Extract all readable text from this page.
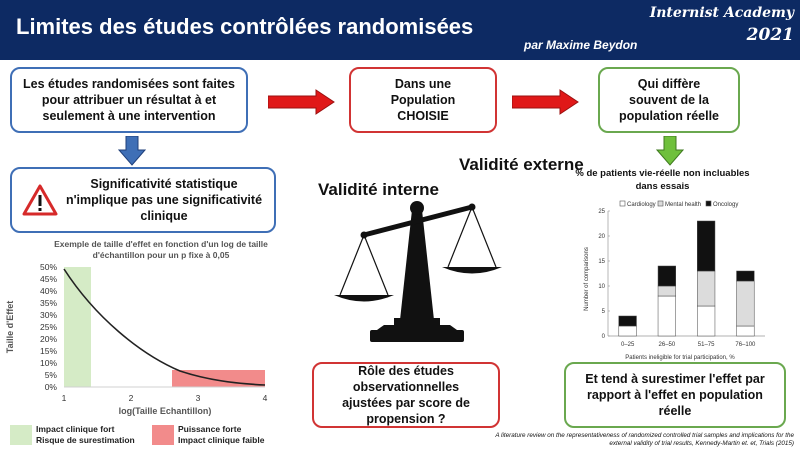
Limites des études contrôlées randomisées
par Maxime Beydon
Internist Academy
2021
Les études randomisées sont faites pour attribuer un résultat à et seulement à une intervention
Dans une Population CHOISIE
Qui diffère souvent de la population réelle
Significativité statistique n'implique pas une significativité clinique
Exemple de taille d'effet en fonction d'un log de taille d'échantillon pour un p fixe à 0,05
50%
45%
40%
35%
30%
25%
20%
15%
10%
5%
0%
1	2	3	4
log(Taille Echantillon)
Taille d'Effet
Impact clinique fort
Risque de surestimation
Puissance forte
Impact clinique faible
Validité interne
Validité externe
% de patients vie-réelle non incluables dans essais
Cardiology Mental health Oncology
0
5
10
15
20
25
0–25	26–50	51–75	76–100
Patients ineligible for trial participation, %
Number of comparisons
Rôle des études observationnelles ajustées par score de propension ?
Et tend à surestimer l'effet par rapport à l'effet en population réelle
A literature review on the representativeness of randomized controlled trial samples and implications for the
external validity of trial results, Kennedy-Martin et. et, Trials (2015)
